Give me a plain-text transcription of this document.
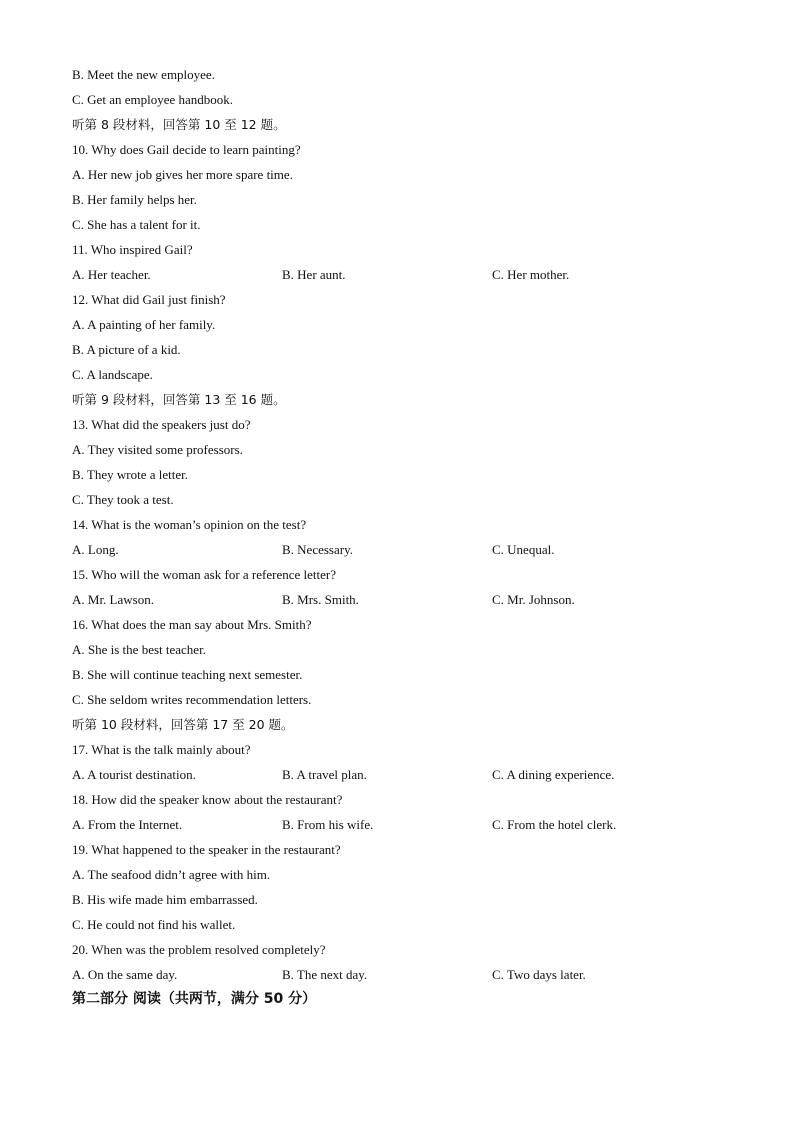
B. Meet the new employee.
C. Get an employee handbook.
听第 8 段材料，回答第 10 至 12 题。
10. Why does Gail decide to learn painting?
A. Her new job gives her more spare time.
B. Her family helps her.
C. She has a talent for it.
11. Who inspired Gail?
A. Her teacher.	B. Her aunt.	C. Her mother.
12. What did Gail just finish?
A. A painting of her family.
B. A picture of a kid.
C. A landscape.
听第 9 段材料，回答第 13 至 16 题。
13. What did the speakers just do?
A. They visited some professors.
B. They wrote a letter.
C. They took a test.
14. What is the woman’s opinion on the test?
A. Long.	B. Necessary.	C. Unequal.
15. Who will the woman ask for a reference letter?
A. Mr. Lawson.	B. Mrs. Smith.	C. Mr. Johnson.
16. What does the man say about Mrs. Smith?
A. She is the best teacher.
B. She will continue teaching next semester.
C. She seldom writes recommendation letters.
听第 10 段材料，回答第 17 至 20 题。
17. What is the talk mainly about?
A. A tourist destination.	B. A travel plan.	C. A dining experience.
18. How did the speaker know about the restaurant?
A. From the Internet.	B. From his wife.	C. From the hotel clerk.
19. What happened to the speaker in the restaurant?
A. The seafood didn’t agree with him.
B. His wife made him embarrassed.
C. He could not find his wallet.
20. When was the problem resolved completely?
A. On the same day.	B. The next day.	C. Two days later.
第二部分 阅读（共两节，满分 50 分）
